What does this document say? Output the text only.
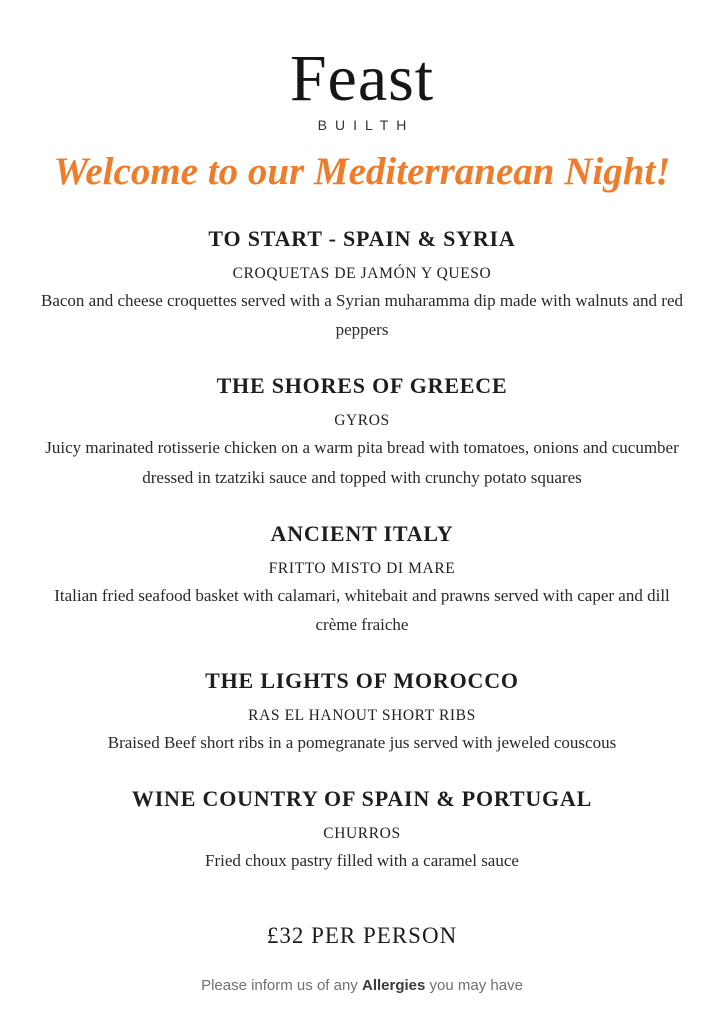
Feast
BUILTH
Welcome to our Mediterranean Night!
TO START - SPAIN & SYRIA
CROQUETAS DE JAMÓN Y QUESO
Bacon and cheese croquettes served with a Syrian muharamma dip made with walnuts and red peppers
THE SHORES OF GREECE
GYROS
Juicy marinated rotisserie chicken on a warm pita bread with tomatoes, onions and cucumber dressed in tzatziki sauce and topped with crunchy potato squares
ANCIENT ITALY
FRITTO MISTO DI MARE
Italian fried seafood basket with calamari, whitebait and prawns served with caper and dill crème fraiche
THE LIGHTS OF MOROCCO
RAS EL HANOUT SHORT RIBS
Braised Beef short ribs in a pomegranate jus served with jeweled couscous
WINE COUNTRY OF SPAIN & PORTUGAL
CHURROS
Fried choux pastry filled with a caramel sauce
£32 PER PERSON
Please inform us of any Allergies you may have
